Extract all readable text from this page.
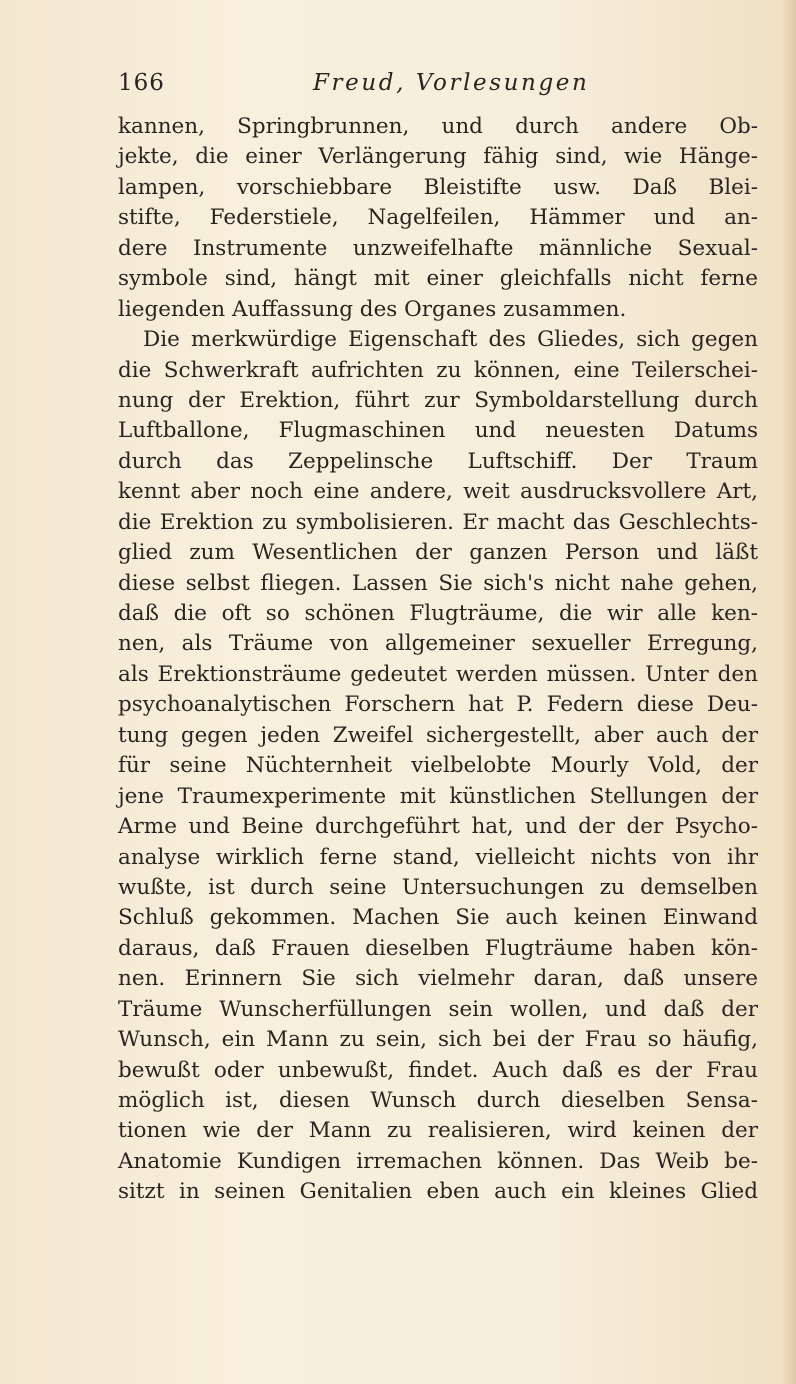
166	Freud, Vorlesungen
kannen, Springbrunnen, und durch andere Ob-
jekte, die einer Verlängerung fähig sind, wie Hänge-
lampen, vorschiebbare Bleistifte usw. Daß Blei-
stifte, Federstiele, Nagelfeilen, Hämmer und an-
dere Instrumente unzweifelhafte männliche Sexual-
symbole sind, hängt mit einer gleichfalls nicht ferne
liegenden Auffassung des Organes zusammen.
Die merkwürdige Eigenschaft des Gliedes, sich gegen
die Schwerkraft aufrichten zu können, eine Teilerschei-
nung der Erektion, führt zur Symboldarstellung durch
Luftballone, Flugmaschinen und neuesten Datums
durch das Zeppelinsche Luftschiff. Der Traum
kennt aber noch eine andere, weit ausdrucksvollere Art,
die Erektion zu symbolisieren. Er macht das Geschlechts-
glied zum Wesentlichen der ganzen Person und läßt
diese selbst fliegen. Lassen Sie sich's nicht nahe gehen,
daß die oft so schönen Flugträume, die wir alle ken-
nen, als Träume von allgemeiner sexueller Erregung,
als Erektionsträume gedeutet werden müssen. Unter den
psychoanalytischen Forschern hat P. Federn diese Deu-
tung gegen jeden Zweifel sichergestellt, aber auch der
für seine Nüchternheit vielbelobte Mourly Vold, der
jene Traumexperimente mit künstlichen Stellungen der
Arme und Beine durchgeführt hat, und der der Psycho-
analyse wirklich ferne stand, vielleicht nichts von ihr
wußte, ist durch seine Untersuchungen zu demselben
Schluß gekommen. Machen Sie auch keinen Einwand
daraus, daß Frauen dieselben Flugträume haben kön-
nen. Erinnern Sie sich vielmehr daran, daß unsere
Träume Wunscherfüllungen sein wollen, und daß der
Wunsch, ein Mann zu sein, sich bei der Frau so häufig,
bewußt oder unbewußt, findet. Auch daß es der Frau
möglich ist, diesen Wunsch durch dieselben Sensa-
tionen wie der Mann zu realisieren, wird keinen der
Anatomie Kundigen irremachen können. Das Weib be-
sitzt in seinen Genitalien eben auch ein kleines Glied
